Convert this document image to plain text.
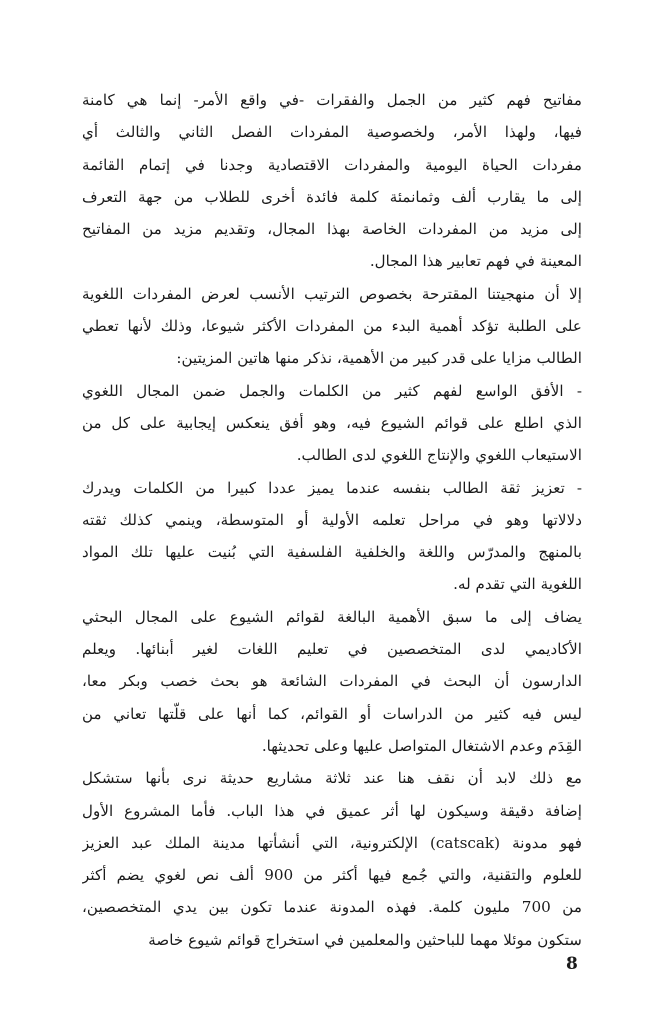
مفاتيح فهم كثير من الجمل والفقرات -في واقع الأمر- إنما هي كامنة
فيها، ولهذا الأمر، ولخصوصية المفردات الفصل الثاني والثالث أي
مفردات الحياة اليومية والمفردات الاقتصادية وجدنا في إتمام القائمة
إلى ما يقارب ألف وثمانمئة كلمة فائدة أخرى للطلاب من جهة التعرف
إلى مزيد من المفردات الخاصة بهذا المجال، وتقديم مزيد من المفاتيح
المعينة في فهم تعابير هذا المجال.
إلا أن منهجيتنا المقترحة بخصوص الترتيب الأنسب لعرض المفردات اللغوية
على الطلبة تؤكد أهمية البدء من المفردات الأكثر شيوعا، وذلك لأنها تعطي
الطالب مزايا على قدر كبير من الأهمية، نذكر منها هاتين المزيتين:
- الأفق الواسع لفهم كثير من الكلمات والجمل ضمن المجال اللغوي
الذي اطلع على قوائم الشيوع فيه، وهو أفق ينعكس إيجابية على كل من
الاستيعاب اللغوي والإنتاج اللغوي لدى الطالب.
- تعزيز ثقة الطالب بنفسه عندما يميز عددا كبيرا من الكلمات ويدرك
دلالاتها وهو في مراحل تعلمه الأولية أو المتوسطة، وينمي كذلك ثقته
بالمنهج والمدرّس واللغة والخلفية الفلسفية التي بُنيت عليها تلك المواد
اللغوية التي تقدم له.
يضاف إلى ما سبق الأهمية البالغة لقوائم الشيوع على المجال البحثي
الأكاديمي لدى المتخصصين في تعليم اللغات لغير أبنائها. ويعلم
الدارسون أن البحث في المفردات الشائعة هو بحث خصب وبكر معا،
ليس فيه كثير من الدراسات أو القوائم، كما أنها على قلّتها تعاني من
القِدَم وعدم الاشتغال المتواصل عليها وعلى تحديثها.
مع ذلك لابد أن نقف هنا عند ثلاثة مشاريع حديثة نرى بأنها ستشكل
إضافة دقيقة وسيكون لها أثر عميق في هذا الباب. فأما المشروع الأول
فهو مدونة (catscak) الإلكترونية، التي أنشأتها مدينة الملك عبد العزيز
للعلوم والتقنية، والتي جُمع فيها أكثر من 900 ألف نص لغوي يضم أكثر
من 700 مليون كلمة. فهذه المدونة عندما تكون بين يدي المتخصصين،
ستكون موئلا مهما للباحثين والمعلمين في استخراج قوائم شيوع خاصة
8
